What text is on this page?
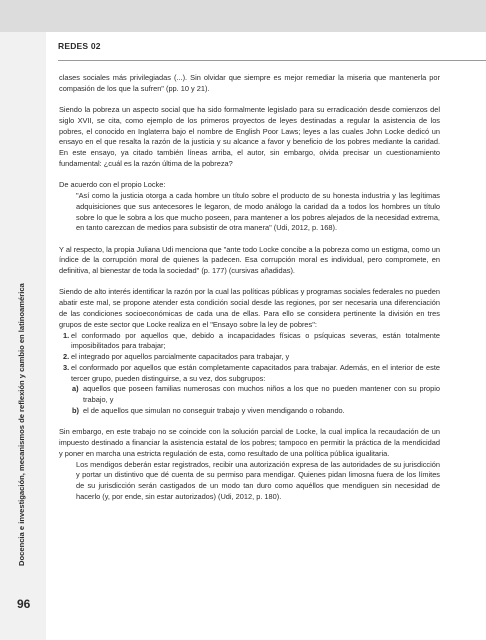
REDES 02
Docencia e investigación, mecanismos de reflexión y cambio en latinoamérica
96

clases sociales más privilegiadas (...). Sin olvidar que siempre es mejor remediar la miseria que mantenerla por compasión de los que la sufren" (pp. 10 y 21).

Siendo la pobreza un aspecto social que ha sido formalmente legislado para su erradicación desde comienzos del siglo XVII, se cita, como ejemplo de los primeros proyectos de leyes destinadas a regular la asistencia de los pobres, el conocido en Inglaterra bajo el nombre de English Poor Laws; leyes a las cuales John Locke dedicó un ensayo en el que resalta la razón de la justicia y su alcance a favor y beneficio de los pobres mediante la caridad. En este ensayo, ya citado también líneas arriba, el autor, sin embargo, olvida precisar un cuestionamiento fundamental: ¿cuál es la razón última de la pobreza?

De acuerdo con el propio Locke:

"Así como la justicia otorga a cada hombre un título sobre el producto de su honesta industria y las legítimas adquisiciones que sus antecesores le legaron, de modo análogo la caridad da a todos los hombres un título sobre lo que le sobra a los que mucho poseen, para mantener a los pobres alejados de la necesidad extrema, en tanto carezcan de medios para subsistir de otra manera" (Udi, 2012, p. 168).

Y al respecto, la propia Juliana Udi menciona que "ante todo Locke concibe a la pobreza como un estigma, como un índice de la corrupción moral de quienes la padecen. Esa corrupción moral es individual, pero compromete, en definitiva, al bienestar de toda la sociedad" (p. 177) (cursivas añadidas).

Siendo de alto interés identificar la razón por la cual las políticas públicas y programas sociales federales no pueden abatir este mal, se propone atender esta condición social desde las regiones, por ser necesaria una diferenciación de las condiciones socioeconómicas de cada una de ellas. Para ello se considera pertinente la división en tres grupos de este sector que Locke realiza en el "Ensayo sobre la ley de pobres":

1. el conformado por aquellos que, debido a incapacidades físicas o psíquicas severas, están totalmente imposibilitados para trabajar;
2. el integrado por aquellos parcialmente capacitados para trabajar, y
3. el conformado por aquellos que están completamente capacitados para trabajar. Además, en el interior de este tercer grupo, pueden distinguirse, a su vez, dos subgrupos:
a) aquellos que poseen familias numerosas con muchos niños a los que no pueden mantener con su propio trabajo, y
b) el de aquellos que simulan no conseguir trabajo y viven mendigando o robando.

Sin embargo, en este trabajo no se coincide con la solución parcial de Locke, la cual implica la recaudación de un impuesto destinado a financiar la asistencia estatal de los pobres; tampoco en permitir la práctica de la mendicidad y poner en marcha una estricta regulación de esta, como resultado de una política pública igualitaria.

Los mendigos deberán estar registrados, recibir una autorización expresa de las autoridades de su jurisdicción y portar un distintivo que dé cuenta de su permiso para mendigar. Quienes pidan limosna fuera de los límites de su jurisdicción serán castigados de un modo tan duro como aquéllos que mendiguen sin necesidad de hacerlo (y, por ende, sin estar autorizados) (Udi, 2012, p. 180).
